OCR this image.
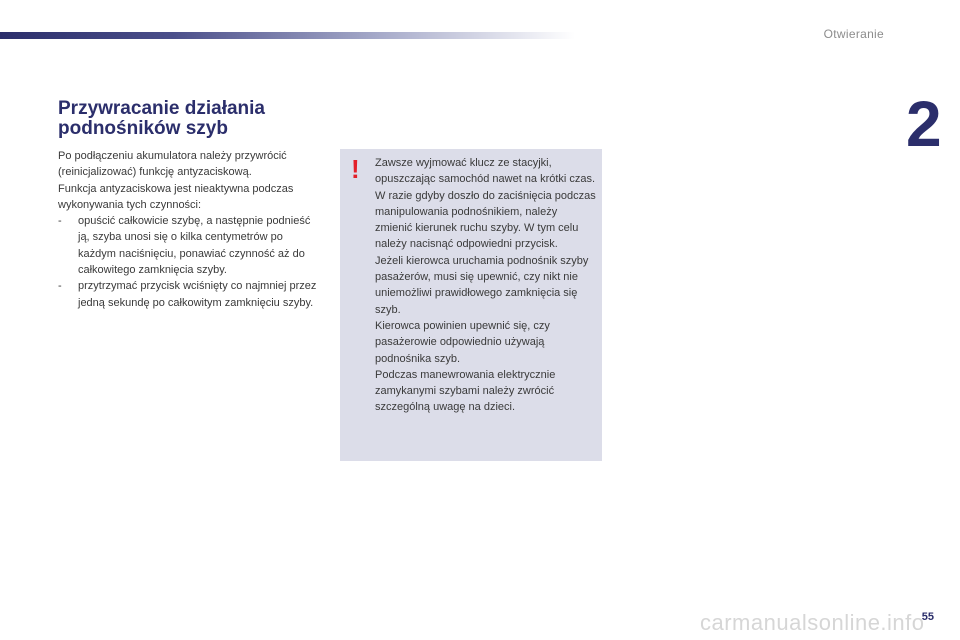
Otwieranie
2
Przywracanie działania
podnośników szyb

Po podłączeniu akumulatora należy przywrócić (reinicjalizować) funkcję antyzaciskową.

Funkcja antyzaciskowa jest nieaktywna podczas wykonywania tych czynności:

- opuścić całkowicie szybę, a następnie podnieść ją, szyba unosi się o kilka centymetrów po każdym naciśnięciu, ponawiać czynność aż do całkowitego zamknięcia szyby.
- przytrzymać przycisk wciśnięty co najmniej przez jedną sekundę po całkowitym zamknięciu szyby.
! Zawsze wyjmować klucz ze stacyjki, opuszczając samochód nawet na krótki czas.

W razie gdyby doszło do zaciśnięcia podczas manipulowania podnośnikiem, należy zmienić kierunek ruchu szyby. W tym celu należy nacisnąć odpowiedni przycisk.

Jeżeli kierowca uruchamia podnośnik szyby pasażerów, musi się upewnić, czy nikt nie uniemożliwi prawidłowego zamknięcia się szyb.

Kierowca powinien upewnić się, czy pasażerowie odpowiednio używają podnośnika szyb.

Podczas manewrowania elektrycznie zamykanymi szybami należy zwrócić szczególną uwagę na dzieci.

carmanualsonline.info
55
